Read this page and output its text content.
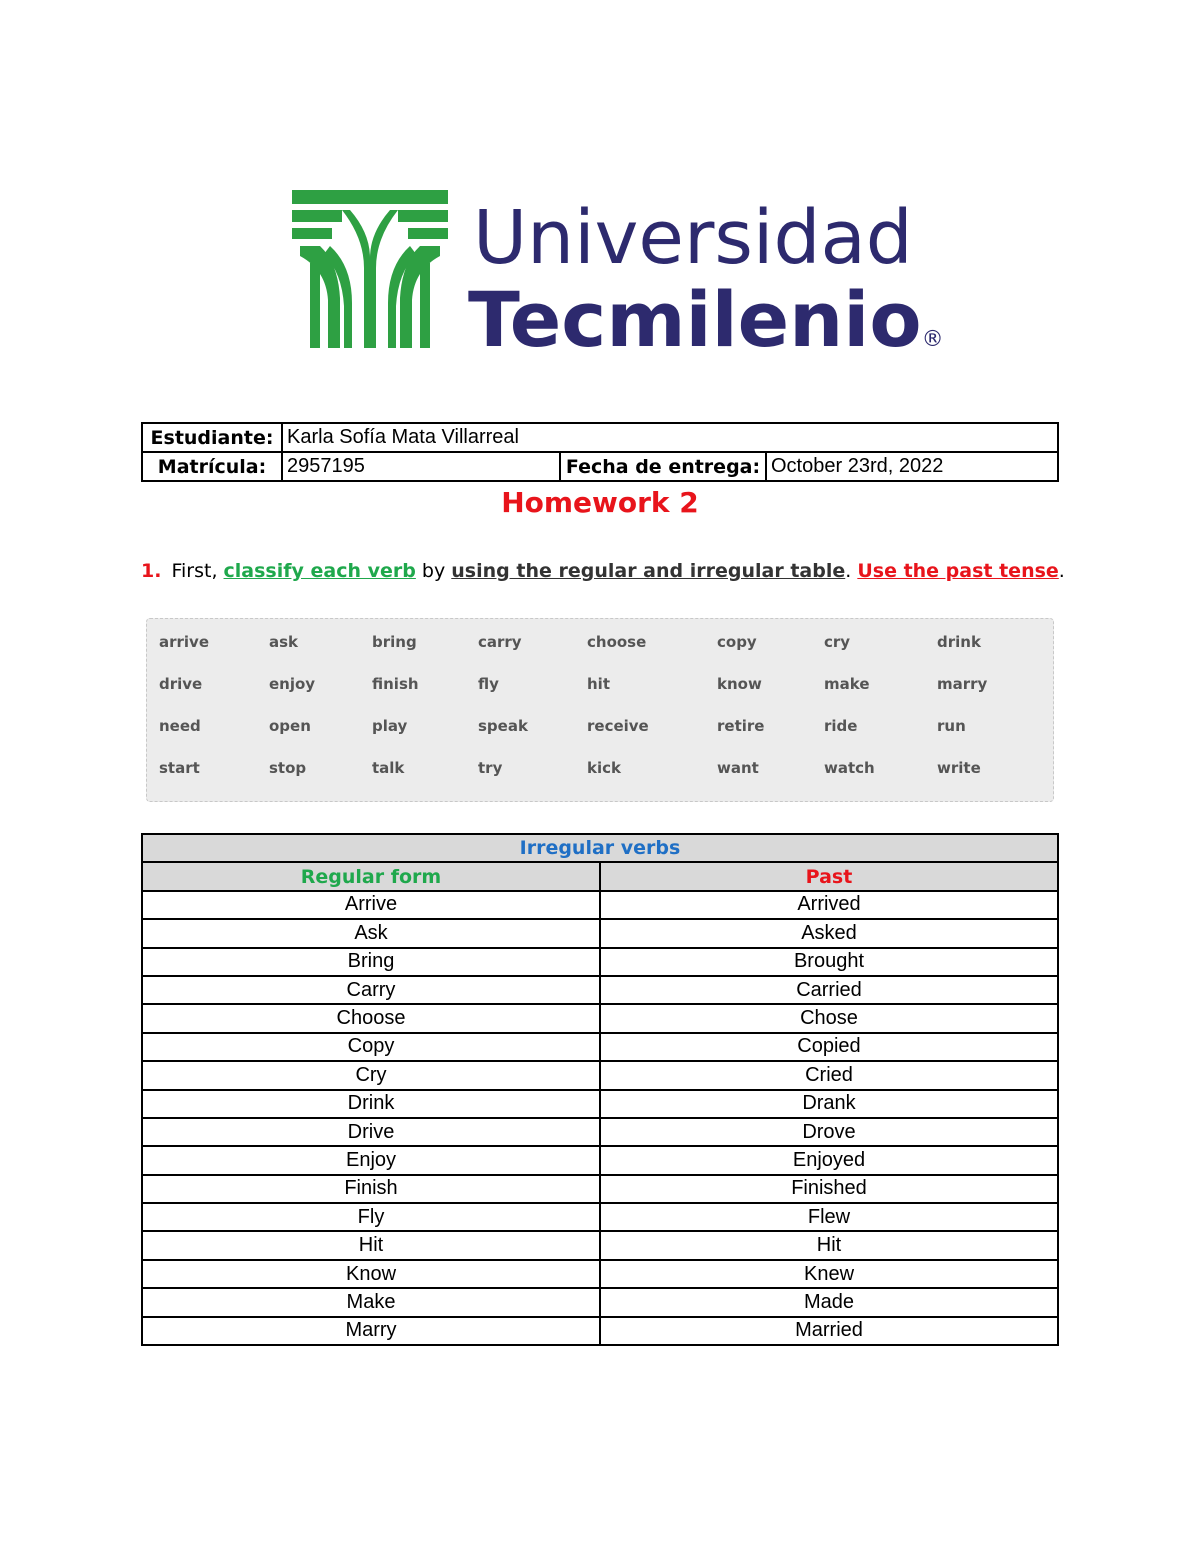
Universidad
Tecmilenio®
Estudiante:	Karla Sofía Mata Villarreal		
Matrícula:	2957195	Fecha de entrega:	October 23rd, 2022
Homework 2
1. First, classify each verb by using the regular and irregular table. Use the past tense.
arrive	ask	bring	carry	choose	copy	cry	drink
drive	enjoy	finish	fly	hit	know	make	marry
need	open	play	speak	receive	retire	ride	run
start	stop	talk	try	kick	want	watch	write
Irregular verbs	
Regular form	Past
Arrive	Arrived
Ask	Asked
Bring	Brought
Carry	Carried
Choose	Chose
Copy	Copied
Cry	Cried
Drink	Drank
Drive	Drove
Enjoy	Enjoyed
Finish	Finished
Fly	Flew
Hit	Hit
Know	Knew
Make	Made
Marry	Married
